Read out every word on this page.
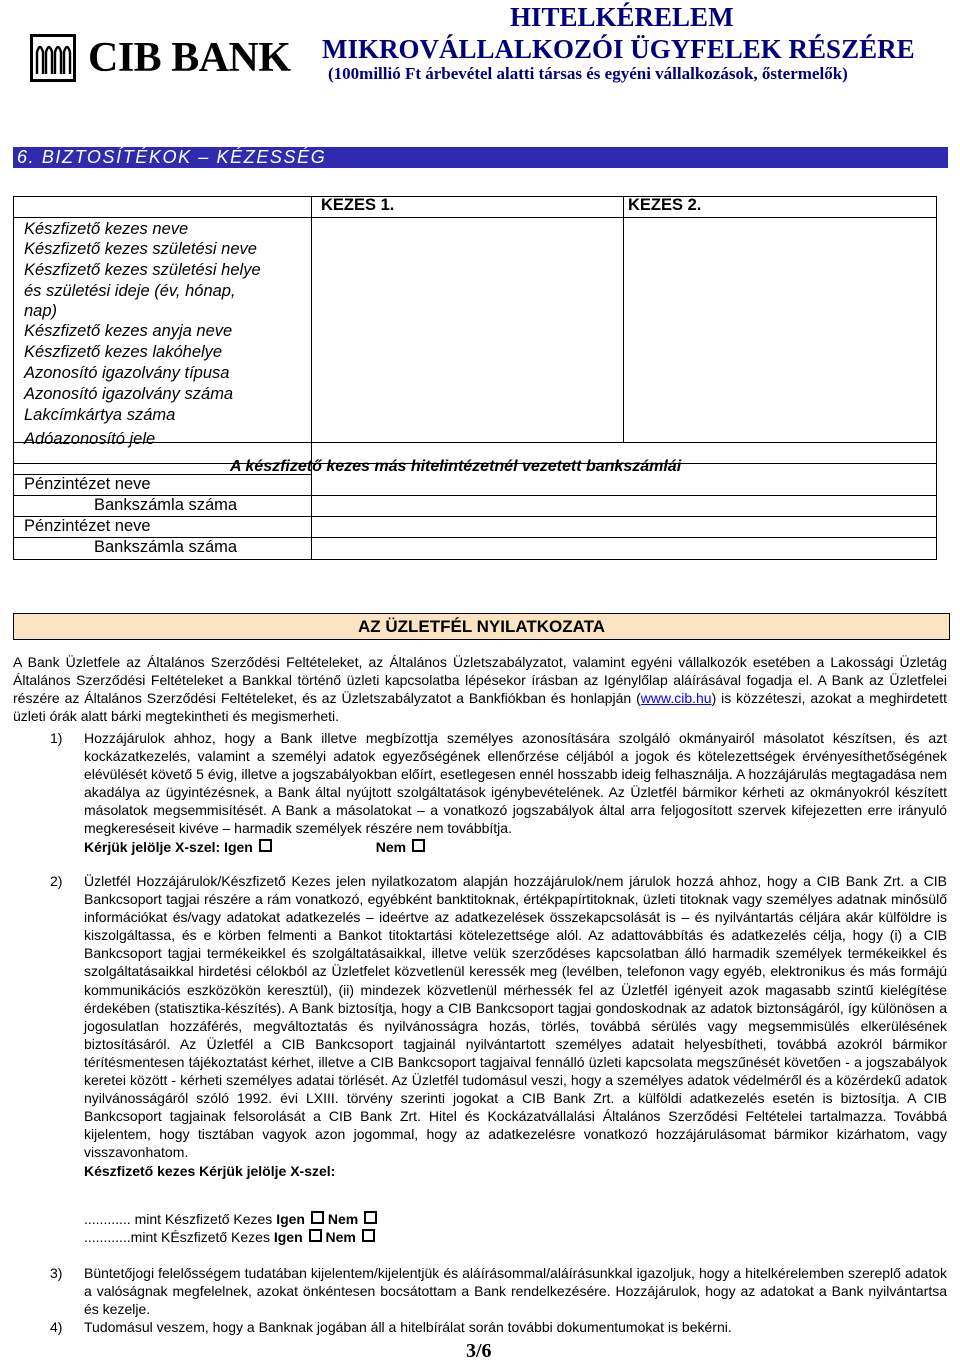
CIB BANK
HITELKÉRELEM
MIKROVÁLLALKOZÓI ÜGYFELEK RÉSZÉRE
(100millió Ft árbevétel alatti társas és egyéni vállalkozások, őstermelők)
6. BIZTOSÍTÉKOK – KÉZESSÉG
KEZES 1.	KEZES 2.
Készfizető kezes neve
Készfizető kezes születési neve
Készfizető kezes születési helye
és születési ideje (év, hónap,
nap)
Készfizető kezes anyja neve
Készfizető kezes lakóhelye
Azonosító igazolvány típusa
Azonosító igazolvány száma
Lakcímkártya száma
Adóazonosító jele
Pénzintézet neve
Bankszámla száma
Pénzintézet neve
Bankszámla száma
A készfizető kezes más hitelintézetnél vezetett bankszámlái
AZ ÜZLETFÉL NYILATKOZATA
A Bank Üzletfele az Általános Szerződési Feltételeket, az Általános Üzletszabályzatot, valamint egyéni vállalkozók esetében a Lakossági Üzletág Általános Szerződési Feltételeket a Bankkal történő üzleti kapcsolatba lépésekor írásban az Igénylőlap aláírásával fogadja el. A Bank az Üzletfelei részére az Általános Szerződési Feltételeket, és az Üzletszabályzatot a Bankfiókban és honlapján (www.cib.hu) is közzéteszi, azokat a meghirdetett üzleti órák alatt bárki megtekintheti és megismerheti.
1) Hozzájárulok ahhoz, hogy a Bank illetve megbízottja személyes azonosítására szolgáló okmányairól másolatot készítsen, és azt kockázatkezelés, valamint a személyi adatok egyezőségének ellenőrzése céljából a jogok és kötelezettségek érvényesíthetőségének elévülését követő 5 évig, illetve a jogszabályokban előírt, esetlegesen ennél hosszabb ideig felhasználja. A hozzájárulás megtagadása nem akadálya az ügyintézésnek, a Bank által nyújtott szolgáltatások igénybevételének. Az Üzletfél bármikor kérheti az okmányokról készített másolatok megsemmisítését. A Bank a másolatokat – a vonatkozó jogszabályok által arra feljogosított szervek kifejezetten erre irányuló megkereséseit kivéve – harmadik személyek részére nem továbbítja.
Kérjük jelölje X-szel: Igen	Nem
2) Üzletfél Hozzájárulok/Készfizető Kezes jelen nyilatkozatom alapján hozzájárulok/nem járulok hozzá ahhoz, hogy a CIB Bank Zrt. a CIB Bankcsoport tagjai részére a rám vonatkozó, egyébként banktitoknak, értékpapírtitoknak, üzleti titoknak vagy személyes adatnak minősülő információkat és/vagy adatokat adatkezelés – ideértve az adatkezelések összekapcsolását is – és nyilvántartás céljára akár külföldre is kiszolgáltassa, és e körben felmenti a Bankot titoktartási kötelezettsége alól. Az adattovábbítás és adatkezelés célja, hogy (i) a CIB Bankcsoport tagjai termékeikkel és szolgáltatásaikkal, illetve velük szerződéses kapcsolatban álló harmadik személyek termékeikkel és szolgáltatásaikkal hirdetési célokból az Üzletfelet közvetlenül keressék meg (levélben, telefonon vagy egyéb, elektronikus és más formájú kommunikációs eszközökön keresztül), (ii) mindezek közvetlenül mérhessék fel az Üzletfél igényeit azok magasabb szintű kielégítése érdekében (statisztika-készítés). A Bank biztosítja, hogy a CIB Bankcsoport tagjai gondoskodnak az adatok biztonságáról, így különösen a jogosulatlan hozzáférés, megváltoztatás és nyilvánosságra hozás, törlés, továbbá sérülés vagy megsemmisülés elkerülésének biztosításáról. Az Üzletfél a CIB Bankcsoport tagjainál nyilvántartott személyes adatait helyesbítheti, továbbá azokról bármikor térítésmentesen tájékoztatást kérhet, illetve a CIB Bankcsoport tagjaival fennálló üzleti kapcsolata megszűnését követően - a jogszabályok keretei között - kérheti személyes adatai törlését. Az Üzletfél tudomásul veszi, hogy a személyes adatok védelméről és a közérdekű adatok nyilvánosságáról szóló 1992. évi LXIII. törvény szerinti jogokat a CIB Bank Zrt. a külföldi adatkezelés esetén is biztosítja. A CIB Bankcsoport tagjainak felsorolását a CIB Bank Zrt. Hitel és Kockázatvállalási Általános Szerződési Feltételei tartalmazza. Továbbá kijelentem, hogy tisztában vagyok azon jogommal, hogy az adatkezelésre vonatkozó hozzájárulásomat bármikor kizárhatom, vagy visszavonhatom.
Készfizető kezes Kérjük jelölje X-szel:
............ mint Készfizető Kezes Igen Nem
............mint KÉszfizető Kezes Igen Nem
3) Büntetőjogi felelősségem tudatában kijelentem/kijelentjük és aláírásommal/aláírásunkkal igazoljuk, hogy a hitelkérelemben szereplő adatok a valóságnak megfelelnek, azokat önkéntesen bocsátottam a Bank rendelkezésére. Hozzájárulok, hogy az adatokat a Bank nyilvántartsa és kezelje.
4) Tudomásul veszem, hogy a Banknak jogában áll a hitelbírálat során további dokumentumokat is bekérni.
3/6
